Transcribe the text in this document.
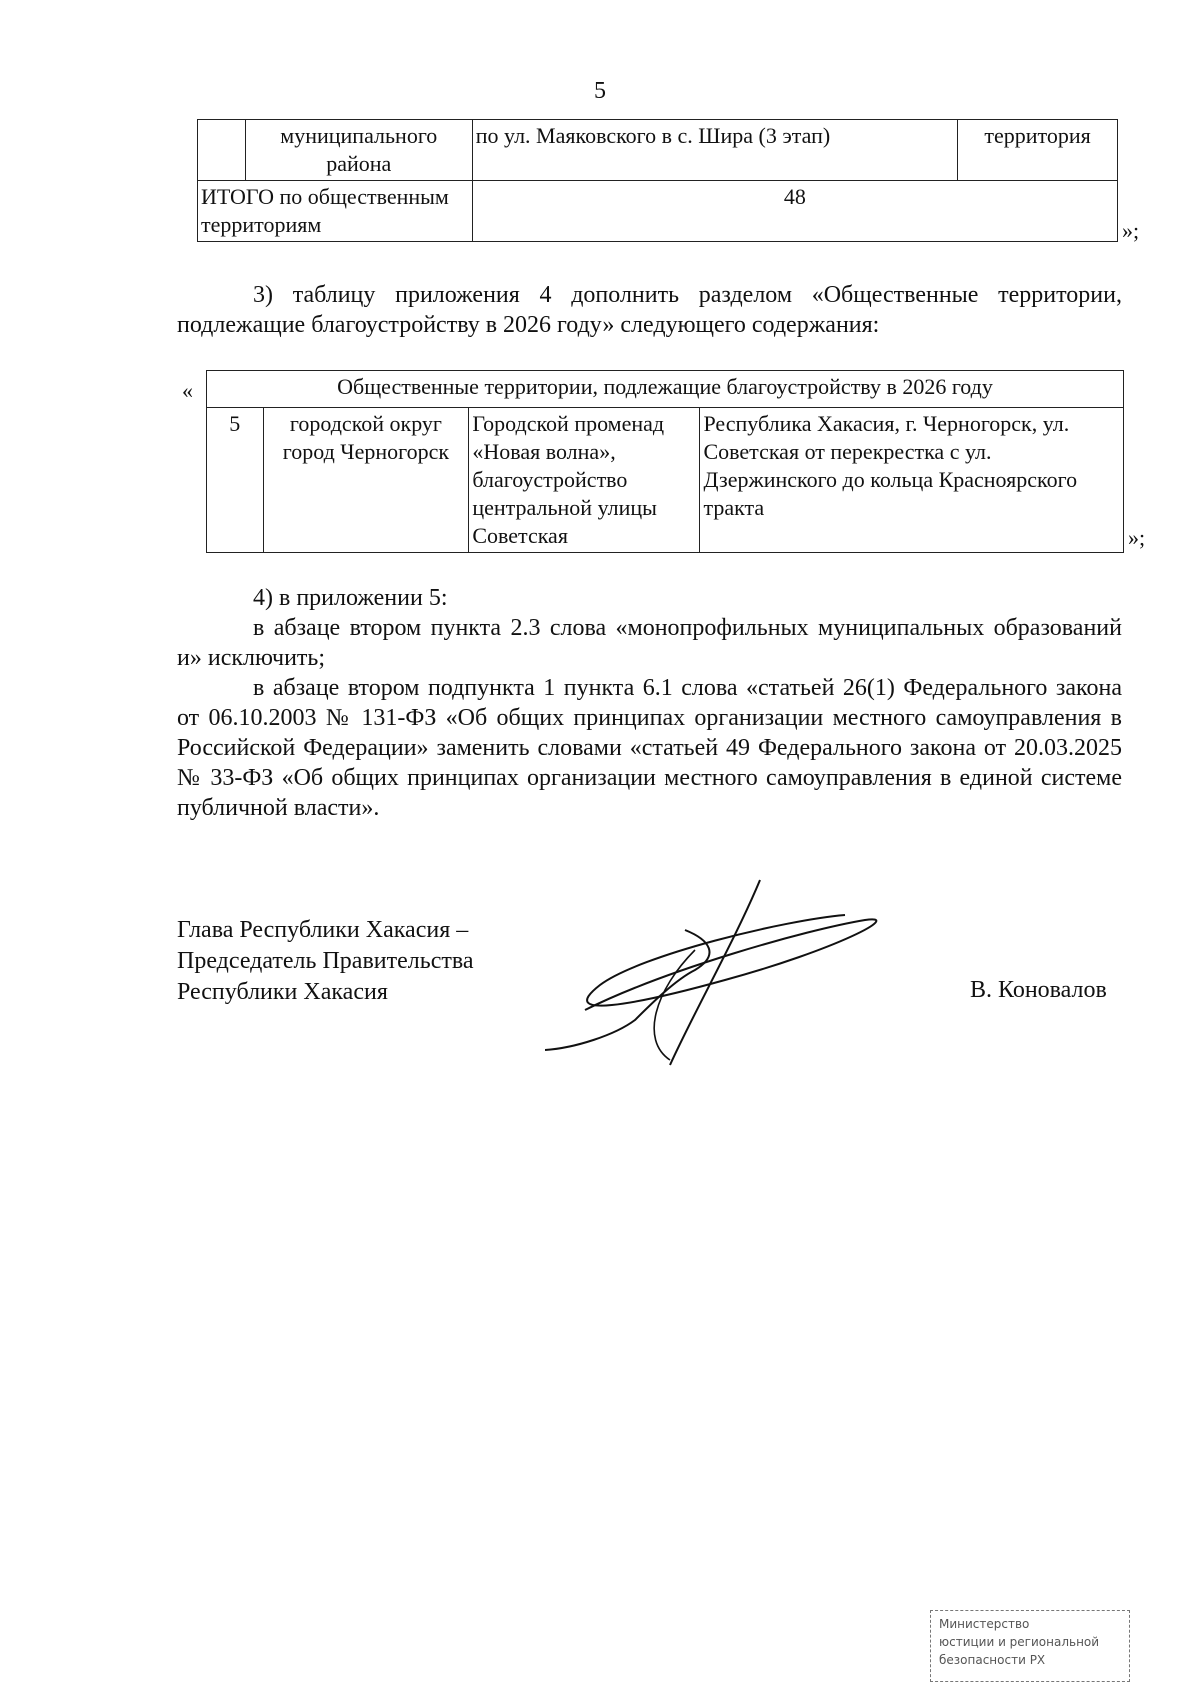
5
	муниципального района	по ул. Маяковского в с. Шира (3 этап)	территория
ИТОГО по общественным территориям		48	
»;
3) таблицу приложения 4 дополнить разделом «Общественные территории, подлежащие благоустройству в 2026 году» следующего содержания:
«	Общественные территории, подлежащие благоустройству в 2026 году
5	городской округ город Черногорск	Городской променад «Новая волна», благоустройство центральной улицы Советская	Республика Хакасия, г. Черногорск, ул. Советская от перекрестка с ул. Дзержинского до кольца Красноярского тракта
»;
4) в приложении 5:
в абзаце втором пункта 2.3 слова «монопрофильных муниципальных образований и» исключить;
в абзаце втором подпункта 1 пункта 6.1 слова «статьей 26(1) Федерального закона от 06.10.2003 № 131-ФЗ «Об общих принципах организации местного самоуправления в Российской Федерации» заменить словами «статьей 49 Федерального закона от 20.03.2025 № 33-ФЗ «Об общих принципах организации местного самоуправления в единой системе публичной власти».
Глава Республики Хакасия –
Председатель Правительства
Республики Хакасия	В. Коновалов
Министерство
юстиции и региональной
безопасности РХ
